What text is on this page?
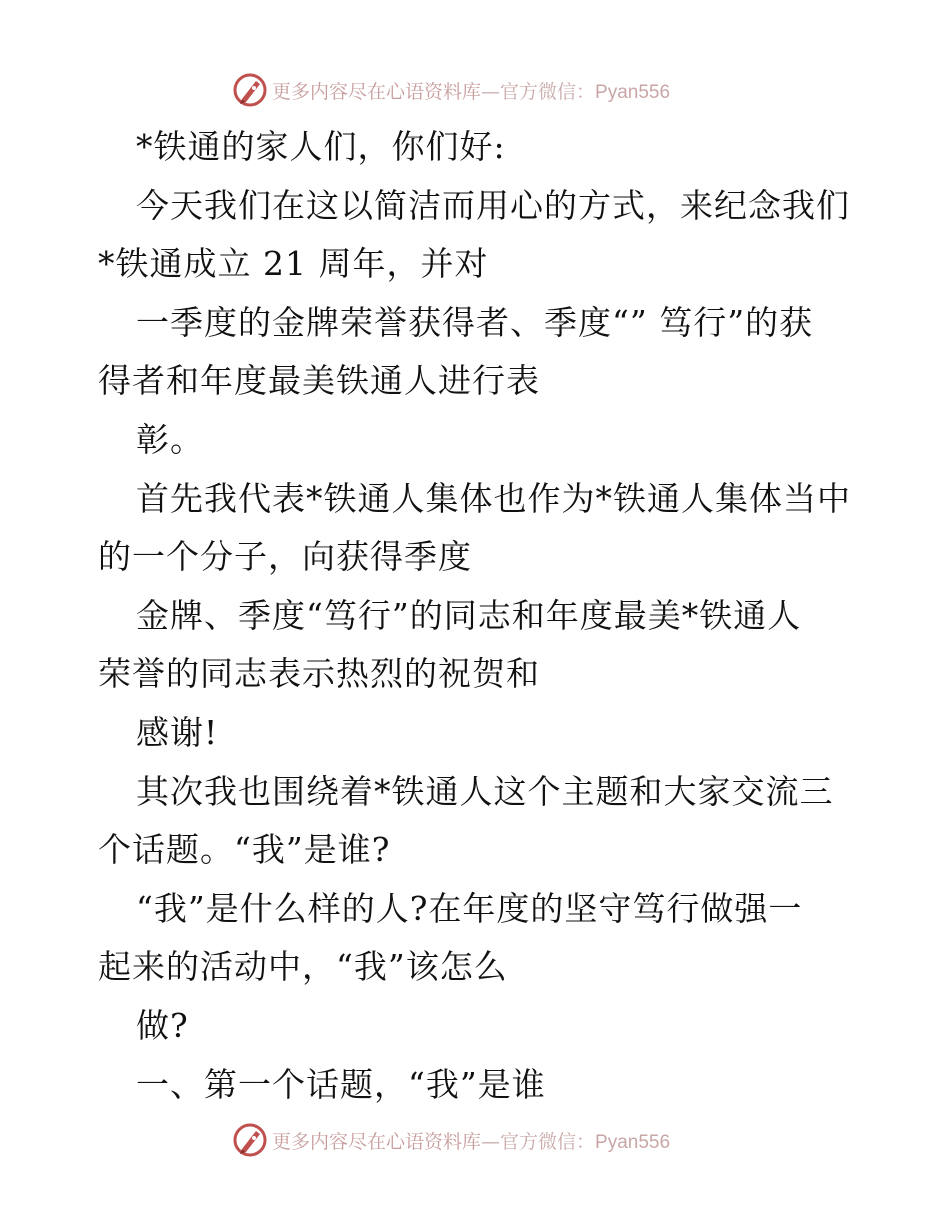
更多内容尽在心语资料库—官方微信：Pyan556
*铁通的家人们，你们好:
今天我们在这以简洁而用心的方式，来纪念我们
*铁通成立 21 周年，并对
一季度的金牌荣誉获得者、季度“” 笃行”的获
得者和年度最美铁通人进行表
彰。
首先我代表*铁通人集体也作为*铁通人集体当中
的一个分子，向获得季度
金牌、季度“笃行”的同志和年度最美*铁通人
荣誉的同志表示热烈的祝贺和
感谢!
其次我也围绕着*铁通人这个主题和大家交流三
个话题。“我”是谁?
“我”是什么样的人?在年度的坚守笃行做强一
起来的活动中，“我”该怎么
做?
一、第一个话题，“我”是谁
更多内容尽在心语资料库—官方微信：Pyan556
